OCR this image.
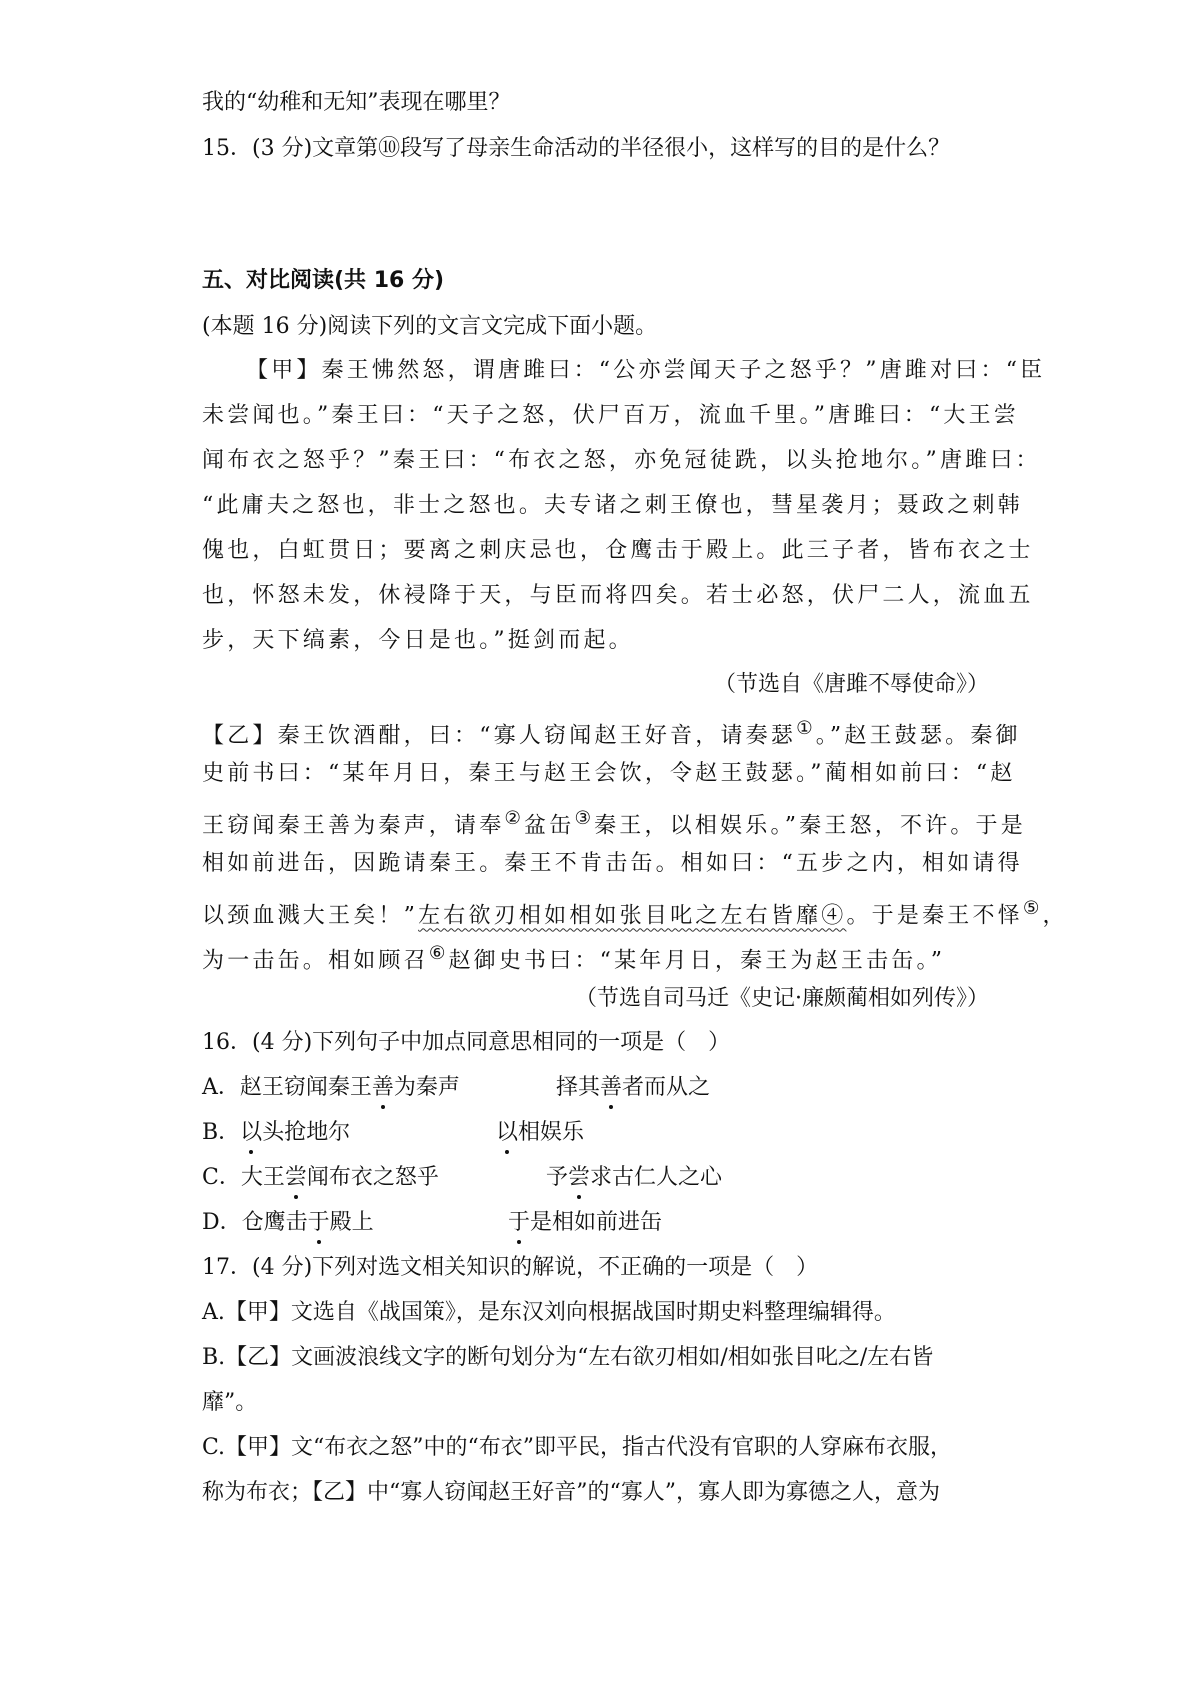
我的“幼稚和无知”表现在哪里？
15．(3 分)文章第⑩段写了母亲生命活动的半径很小，这样写的目的是什么？
五、对比阅读(共 16 分)
(本题 16 分)阅读下列的文言文完成下面小题。
【甲】秦王怫然怒，谓唐雎曰：“公亦尝闻天子之怒乎？”唐雎对曰：“臣
未尝闻也。”秦王曰：“天子之怒，伏尸百万，流血千里。”唐雎曰：“大王尝
闻布衣之怒乎？”秦王曰：“布衣之怒，亦免冠徒跣，以头抢地尔。”唐雎曰：
“此庸夫之怒也，非士之怒也。夫专诸之刺王僚也，彗星袭月；聂政之刺韩
傀也，白虹贯日；要离之刺庆忌也，仓鹰击于殿上。此三子者，皆布衣之士
也，怀怒未发，休祲降于天，与臣而将四矣。若士必怒，伏尸二人，流血五
步，天下缟素，今日是也。”挺剑而起。
（节选自《唐雎不辱使命》）
【乙】秦王饮酒酣，曰：“寡人窃闻赵王好音，请奏瑟①。”赵王鼓瑟。秦御
史前书曰：“某年月日，秦王与赵王会饮，令赵王鼓瑟。”蔺相如前曰：“赵
王窃闻秦王善为秦声，请奉②盆缶③秦王，以相娱乐。”秦王怒，不许。于是
相如前进缶，因跪请秦王。秦王不肯击缶。相如曰：“五步之内，相如请得
以颈血溅大王矣！”左右欲刃相如相如张目叱之左右皆靡④。于是秦王不怿⑤，
为一击缶。相如顾召⑥赵御史书曰：“某年月日，秦王为赵王击缶。”
（节选自司马迁《史记·廉颇蔺相如列传》）
16．(4 分)下列句子中加点同意思相同的一项是（　）
A．赵王窃闻秦王善为秦声	择其善者而从之
B．以头抢地尔	以相娱乐
C．大王尝闻布衣之怒乎	予尝求古仁人之心
D．仓鹰击于殿上	于是相如前进缶
17．(4 分)下列对选文相关知识的解说，不正确的一项是（　）
A.【甲】文选自《战国策》，是东汉刘向根据战国时期史料整理编辑得。
B.【乙】文画波浪线文字的断句划分为“左右欲刃相如/相如张目叱之/左右皆
靡”。
C.【甲】文“布衣之怒”中的“布衣”即平民，指古代没有官职的人穿麻布衣服，
称为布衣；【乙】中“寡人窃闻赵王好音”的“寡人”，寡人即为寡德之人，意为
